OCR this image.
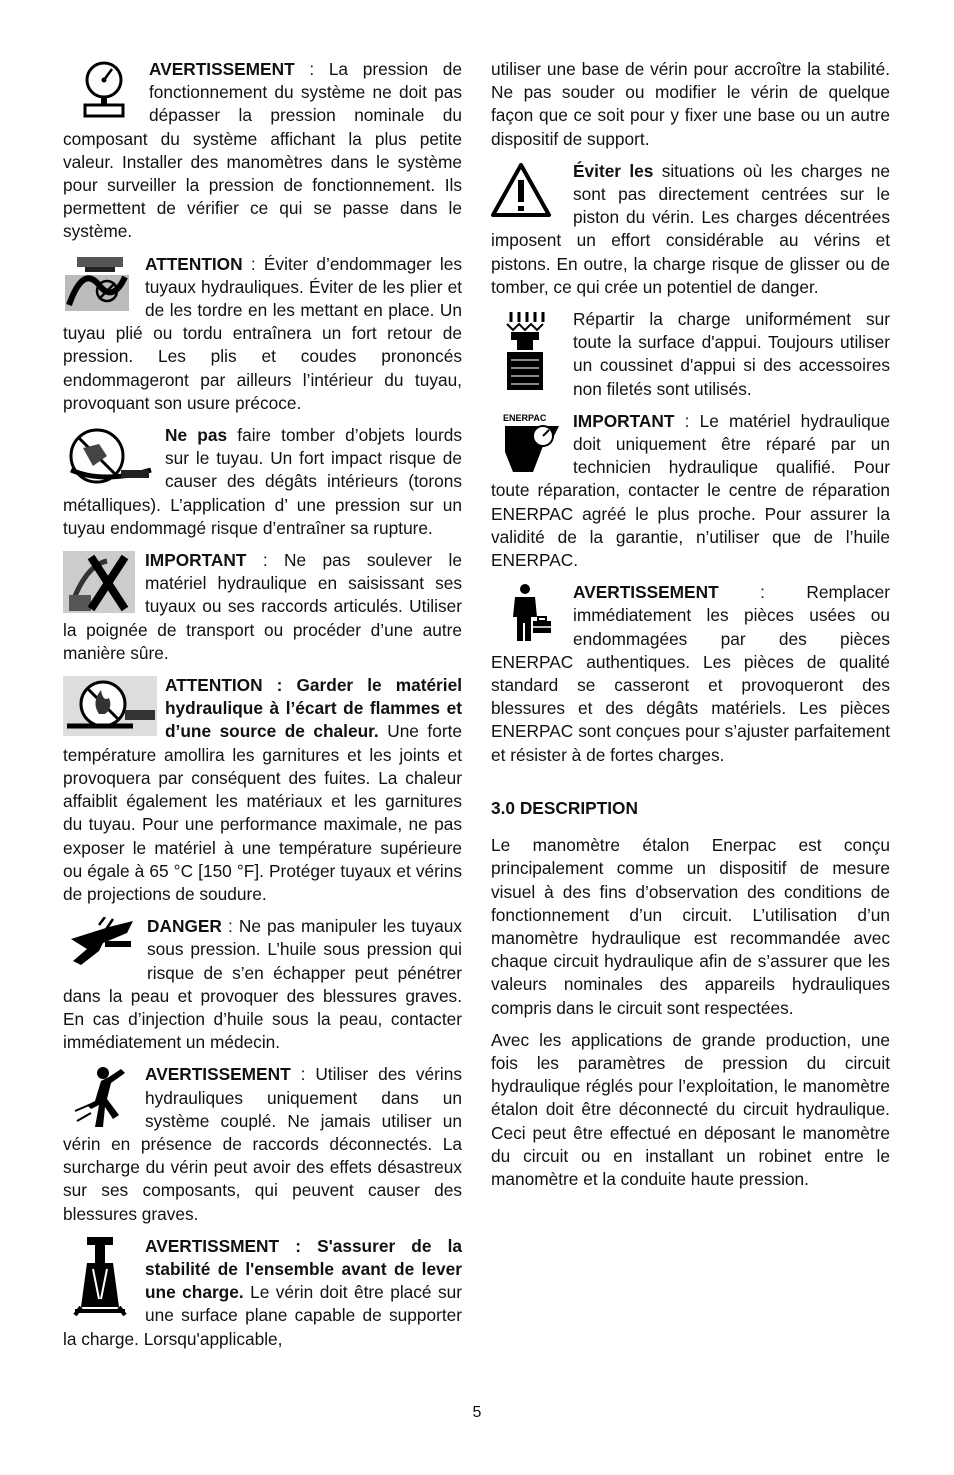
AVERTISSEMENT : La pression de fonctionnement du système ne doit pas dépasser la pression nominale du composant du système affichant la plus petite valeur. Installer des manomètres dans le système pour surveiller la pression de fonctionnement. Ils permettent de vérifier ce qui se passe dans le système.
ATTENTION : Éviter d’endommager les tuyaux hydrauliques. Éviter de les plier et de les tordre en les mettant en place. Un tuyau plié ou tordu entraînera un fort retour de pression. Les plis et coudes prononcés endommageront par ailleurs l’intérieur du tuyau, provoquant son usure précoce.
Ne pas faire tomber d’objets lourds sur le tuyau. Un fort impact risque de causer des dégâts intérieurs (torons métalliques). L’application d’ une pression sur un tuyau endommagé risque d’entraîner sa rupture.
IMPORTANT : Ne pas soulever le matériel hydraulique en saisissant ses tuyaux ou ses raccords articulés. Utiliser la poignée de transport ou procéder d’une autre manière sûre.
ATTENTION : Garder le matériel hydraulique à l’écart de flammes et d’une source de chaleur. Une forte température amollira les garnitures et les joints et provoquera par conséquent des fuites. La chaleur affaiblit également les matériaux et les garnitures du tuyau. Pour une performance maximale, ne pas exposer le matériel à une température supérieure ou égale à 65 °C [150 °F]. Protéger tuyaux et vérins de projections de soudure.
DANGER : Ne pas manipuler les tuyaux sous pression. L’huile sous pression qui risque de s’en échapper peut pénétrer dans la peau et provoquer des blessures graves. En cas d’injection d’huile sous la peau, contacter immédiatement un médecin.
AVERTISSEMENT : Utiliser des vérins hydrauliques uniquement dans un système couplé. Ne jamais utiliser un vérin en présence de raccords déconnectés. La surcharge du vérin peut avoir des effets désastreux sur ses composants, qui peuvent causer des blessures graves.
AVERTISSMENT : S'assurer de la stabilité de l'ensemble avant de lever une charge. Le vérin doit être placé sur une surface plane capable de supporter la charge. Lorsqu'applicable,

utiliser une base de vérin pour accroître la stabilité. Ne pas souder ou modifier le vérin de quelque façon que ce soit pour y fixer une base ou un autre dispositif de support.

Éviter les situations où les charges ne sont pas directement centrées sur le piston du vérin. Les charges décentrées imposent un effort considérable au vérins et pistons. En outre, la charge risque de glisser ou de tomber, ce qui crée un potentiel de danger.
Répartir la charge uniformément sur toute la surface d'appui. Toujours utiliser un coussinet d'appui si des accessoires non filetés sont utilisés.
ENERPAC IMPORTANT : Le matériel hydraulique doit uniquement être réparé par un technicien hydraulique qualifié. Pour toute réparation, contacter le centre de réparation ENERPAC agréé le plus proche. Pour assurer la validité de la garantie, n’utiliser que de l’huile ENERPAC.
AVERTISSEMENT : Remplacer immédiatement les pièces usées ou endommagées par des pièces ENERPAC authentiques. Les pièces de qualité standard se casseront et provoqueront des blessures et des dégâts matériels. Les pièces ENERPAC sont conçues pour s’ajuster parfaitement et résister à de fortes charges.
3.0 DESCRIPTION

Le manomètre étalon Enerpac est conçu principalement comme un dispositif de mesure visuel à des fins d’observation des conditions de fonctionnement d’un circuit. L’utilisation d’un manomètre hydraulique est recommandée avec chaque circuit hydraulique afin de s’assurer que les valeurs nominales des appareils hydrauliques compris dans le circuit sont respectées.

Avec les applications de grande production, une fois les paramètres de pression du circuit hydraulique réglés pour l’exploitation, le manomètre étalon doit être déconnecté du circuit hydraulique. Ceci peut être effectué en déposant le manomètre du circuit ou en installant un robinet entre le manomètre et la conduite haute pression.

5
